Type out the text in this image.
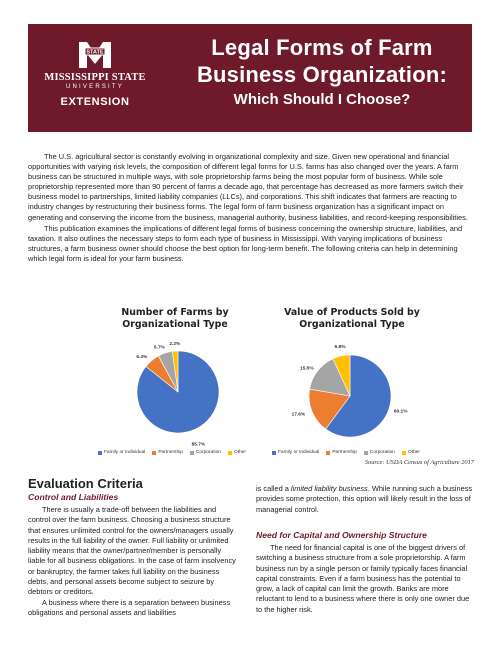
STATE
MISSISSIPPI STATE
UNIVERSITY
EXTENSION
Legal Forms of Farm
Business Organization:
Which Should I Choose?

The U.S. agricultural sector is constantly evolving in organizational complexity and size. Given new operational and financial opportunities with varying risk levels, the composition of different legal forms for U.S. farms has also changed over the years. A farm business can be structured in multiple ways, with sole proprietorship farms being the most popular form of business. While sole proprietorship represented more than 90 percent of farms a decade ago, that percentage has decreased as more farmers switch their business model to partnerships, limited liability companies (LLCs), and corporations. This shift indicates that farmers are reacting to industry changes by restructuring their business forms. The legal form of farm business organization has a significant impact on generating and conserving the income from the business, managerial authority, business liabilities, and record-keeping responsibilities.

This publication examines the implications of different legal forms of business concerning the ownership structure, liabilities, and taxation. It also outlines the necessary steps to form each type of business in Mississippi. With varying implications of business structures, a farm business owner should choose the best option for long-term benefit. The following criteria can help in determining which legal form is ideal for your farm business.

Number of Farms by
Organizational Type
85.7%
6.4%
5.7%
2.2%
Family or Individual	Partnership	Corporation	Other
Value of Products Sold by
Organizational Type
60.1%
17.6%
15.5%
6.8%
Family or Individual	Partnership	Corporation	Other
Source: USDA Census of Agriculture 2017
Evaluation Criteria
Control and Liabilities

There is usually a trade-off between the liabilities and control over the farm business. Choosing a business structure that ensures unlimited control for the owners/managers usually results in the full liability of the owner. Full liability or unlimited liability means that the owner/partner/member is personally liable for all business obligations. In the case of farm insolvency or bankruptcy, the farmer takes full liability on the business debts, and personal assets become subject to seizure by debtors or creditors.

A business where there is a separation between business obligations and personal assets and liabilities

is called a limited liability business. While running such a business provides some protection, this option will likely result in the loss of managerial control.

Need for Capital and Ownership Structure

The need for financial capital is one of the biggest drivers of switching a business structure from a sole proprietorship. A farm business run by a single person or family typically faces financial capital constraints. Even if a farm business has the potential to grow, a lack of capital can limit the growth. Banks are more reluctant to lend to a business where there is only one owner due to the higher risk.
